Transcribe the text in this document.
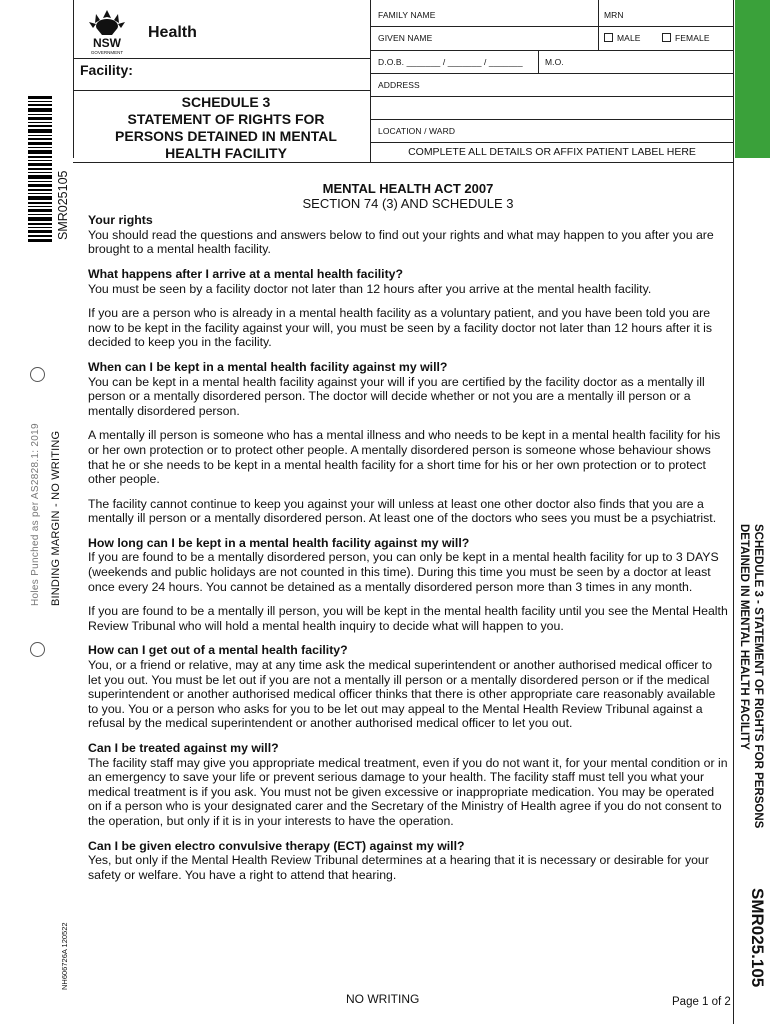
NSW
GOVERNMENT
Health
Facility:
SCHEDULE 3
STATEMENT OF RIGHTS FOR
PERSONS DETAINED IN MENTAL
HEALTH FACILITY
FAMILY NAME	MRN
GIVEN NAME	MALE	FEMALE
D.O.B. _______ / _______ / _______	M.O.
ADDRESS
LOCATION / WARD
COMPLETE ALL DETAILS OR AFFIX PATIENT LABEL HERE
SMR025105
Holes Punched as per AS2828.1: 2019 BINDING MARGIN - NO WRITING
NH606726A 120522
SCHEDULE 3 - STATEMENT OF RIGHTS FOR PERSONS
DETAINED IN MENTAL HEALTH FACILITY
SMR025.105
MENTAL HEALTH ACT 2007
SECTION 74 (3) AND SCHEDULE 3
Your rights
You should read the questions and answers below to find out your rights and what may happen to you after you are brought to a mental health facility.
What happens after I arrive at a mental health facility?
You must be seen by a facility doctor not later than 12 hours after you arrive at the mental health facility.
If you are a person who is already in a mental health facility as a voluntary patient, and you have been told you are now to be kept in the facility against your will, you must be seen by a facility doctor not later than 12 hours after it is decided to keep you in the facility.
When can I be kept in a mental health facility against my will?
You can be kept in a mental health facility against your will if you are certified by the facility doctor as a mentally ill person or a mentally disordered person. The doctor will decide whether or not you are a mentally ill person or a mentally disordered person.
A mentally ill person is someone who has a mental illness and who needs to be kept in a mental health facility for his or her own protection or to protect other people. A mentally disordered person is someone whose behaviour shows that he or she needs to be kept in a mental health facility for a short time for his or her own protection or to protect other people.
The facility cannot continue to keep you against your will unless at least one other doctor also finds that you are a mentally ill person or a mentally disordered person. At least one of the doctors who sees you must be a psychiatrist.
How long can I be kept in a mental health facility against my will?
If you are found to be a mentally disordered person, you can only be kept in a mental health facility for up to 3 DAYS (weekends and public holidays are not counted in this time). During this time you must be seen by a doctor at least once every 24 hours. You cannot be detained as a mentally disordered person more than 3 times in any month.
If you are found to be a mentally ill person, you will be kept in the mental health facility until you see the Mental Health Review Tribunal who will hold a mental health inquiry to decide what will happen to you.
How can I get out of a mental health facility?
You, or a friend or relative, may at any time ask the medical superintendent or another authorised medical officer to let you out. You must be let out if you are not a mentally ill person or a mentally disordered person or if the medical superintendent or another authorised medical officer thinks that there is other appropriate care reasonably available to you. You or a person who asks for you to be let out may appeal to the Mental Health Review Tribunal against a refusal by the medical superintendent or another authorised medical officer to let you out.
Can I be treated against my will?
The facility staff may give you appropriate medical treatment, even if you do not want it, for your mental condition or in an emergency to save your life or prevent serious damage to your health. The facility staff must tell you what your medical treatment is if you ask. You must not be given excessive or inappropriate medication. You may be operated on if a person who is your designated carer and the Secretary of the Ministry of Health agree if you do not consent to the operation, but only if it is in your interests to have the operation.
Can I be given electro convulsive therapy (ECT) against my will?
Yes, but only if the Mental Health Review Tribunal determines at a hearing that it is necessary or desirable for your safety or welfare. You have a right to attend that hearing.
NO WRITING	Page 1 of 2
